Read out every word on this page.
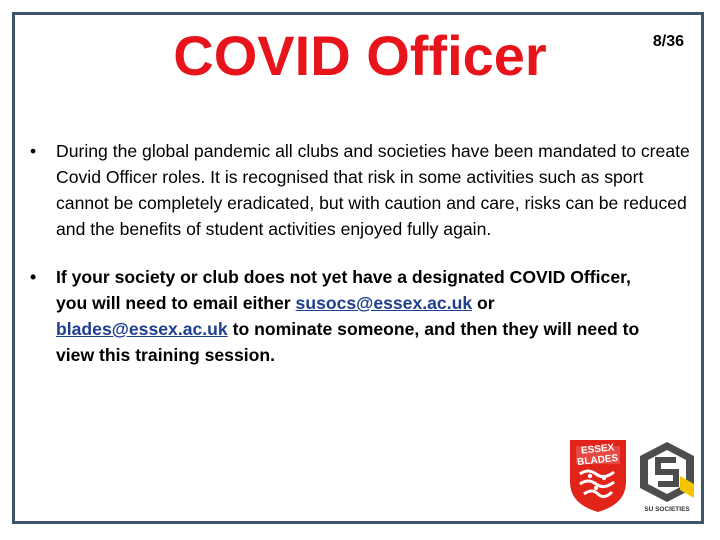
COVID Officer	8/36
• During the global pandemic all clubs and societies have been mandated to create Covid Officer roles. It is recognised that risk in some activities such as sport cannot be completely eradicated, but with caution and care, risks can be reduced and the benefits of student activities enjoyed fully again.
• If your society or club does not yet have a designated COVID Officer, you will need to email either susocs@essex.ac.uk or blades@essex.ac.uk to nominate someone, and then they will need to view this training session.
ESSEX
BLADES
SU SOCIETIES
